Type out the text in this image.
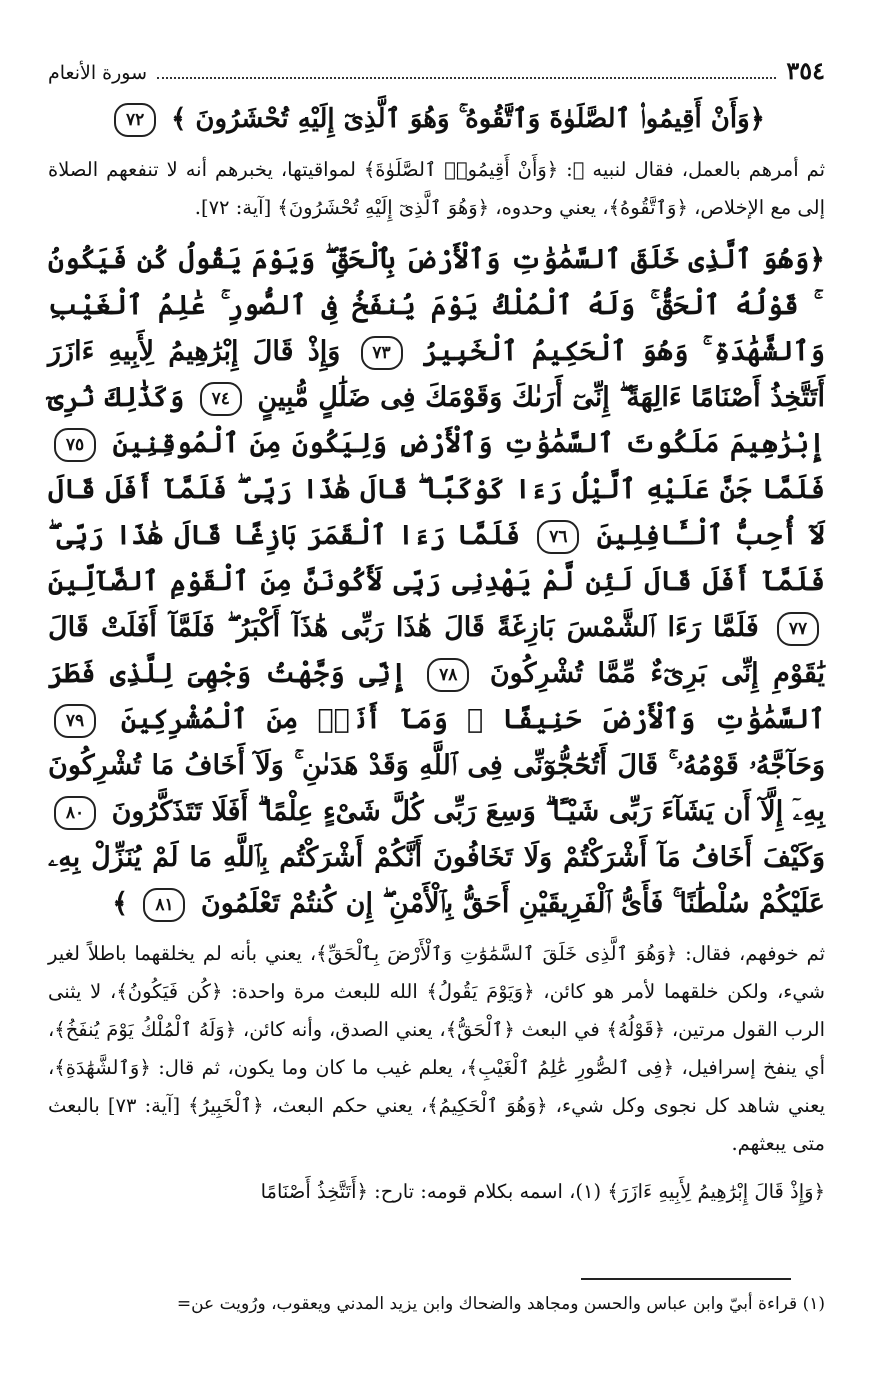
٣٥٤
سورة الأنعام
﴿وَأَنْ أَقِيمُوا۟ ٱلصَّلَوٰةَ وَٱتَّقُوهُ ۚ وَهُوَ ٱلَّذِىٓ إِلَيْهِ تُحْشَرُونَ ﴾ ٧٢
ثم أمرهم بالعمل، فقال لنبيه ﷺ: ﴿وَأَنْ أَقِيمُوا۟ ٱلصَّلَوٰةَ﴾ لمواقيتها، يخبرهم أنه لا تنفعهم الصلاة إلى مع الإخلاص، ﴿وَٱتَّقُوهُ﴾، يعني وحدوه، ﴿وَهُوَ ٱلَّذِىٓ إِلَيْهِ تُحْشَرُونَ﴾ [آية: ٧٢].
﴿وَهُوَ ٱلَّذِى خَلَقَ ٱلسَّمَٰوَٰتِ وَٱلْأَرْضَ بِٱلْحَقِّ ۖ وَيَوْمَ يَقُولُ كُن فَيَكُونُ ۚ قَوْلُهُ ٱلْحَقُّ ۚ وَلَهُ ٱلْمُلْكُ يَوْمَ يُنفَخُ فِى ٱلصُّورِ ۚ عَٰلِمُ ٱلْغَيْبِ وَٱلشَّهَٰدَةِ ۚ وَهُوَ ٱلْحَكِيمُ ٱلْخَبِيرُ ٧٣ وَإِذْ قَالَ إِبْرَٰهِيمُ لِأَبِيهِ ءَازَرَ أَتَتَّخِذُ أَصْنَامًا ءَالِهَةً ۖ إِنِّىٓ أَرَىٰكَ وَقَوْمَكَ فِى ضَلَٰلٍ مُّبِينٍ ٧٤ وَكَذَٰلِكَ نُرِىٓ إِبْرَٰهِيمَ مَلَكُوتَ ٱلسَّمَٰوَٰتِ وَٱلْأَرْضِ وَلِيَكُونَ مِنَ ٱلْمُوقِنِينَ ٧٥ فَلَمَّا جَنَّ عَلَيْهِ ٱلَّيْلُ رَءَا كَوْكَبًا ۖ قَالَ هَٰذَا رَبِّى ۖ فَلَمَّآ أَفَلَ قَالَ لَآ أُحِبُّ ٱلْـَٔافِلِينَ ٧٦ فَلَمَّا رَءَا ٱلْقَمَرَ بَازِغًا قَالَ هَٰذَا رَبِّى ۖ فَلَمَّآ أَفَلَ قَالَ لَئِن لَّمْ يَهْدِنِى رَبِّى لَأَكُونَنَّ مِنَ ٱلْقَوْمِ ٱلضَّآلِّينَ ٧٧ فَلَمَّا رَءَا ٱلشَّمْسَ بَازِغَةً قَالَ هَٰذَا رَبِّى هَٰذَآ أَكْبَرُ ۖ فَلَمَّآ أَفَلَتْ قَالَ يَٰقَوْمِ إِنِّى بَرِىٓءٌ مِّمَّا تُشْرِكُونَ ٧٨ إِنِّى وَجَّهْتُ وَجْهِىَ لِلَّذِى فَطَرَ ٱلسَّمَٰوَٰتِ وَٱلْأَرْضَ حَنِيفًا ۖ وَمَآ أَنَا۠ مِنَ ٱلْمُشْرِكِينَ ٧٩ وَحَآجَّهُۥ قَوْمُهُۥ ۚ قَالَ أَتُحَٰٓجُّوٓنِّى فِى ٱللَّهِ وَقَدْ هَدَىٰنِ ۚ وَلَآ أَخَافُ مَا تُشْرِكُونَ بِهِۦٓ إِلَّآ أَن يَشَآءَ رَبِّى شَيْـًٔا ۗ وَسِعَ رَبِّى كُلَّ شَىْءٍ عِلْمًا ۗ أَفَلَا تَتَذَكَّرُونَ ٨٠ وَكَيْفَ أَخَافُ مَآ أَشْرَكْتُمْ وَلَا تَخَافُونَ أَنَّكُمْ أَشْرَكْتُم بِٱللَّهِ مَا لَمْ يُنَزِّلْ بِهِۦ عَلَيْكُمْ سُلْطَٰنًا ۚ فَأَىُّ ٱلْفَرِيقَيْنِ أَحَقُّ بِٱلْأَمْنِ ۖ إِن كُنتُمْ تَعْلَمُونَ ٨١ ﴾
ثم خوفهم، فقال: ﴿وَهُوَ ٱلَّذِى خَلَقَ ٱلسَّمَٰوَٰتِ وَٱلْأَرْضَ بِٱلْحَقِّ﴾، يعني بأنه لم يخلقهما باطلاً لغير شيء، ولكن خلقهما لأمر هو كائن، ﴿وَيَوْمَ يَقُولُ﴾ الله للبعث مرة واحدة: ﴿كُن فَيَكُونُ﴾، لا يثنى الرب القول مرتين، ﴿قَوْلُهُ﴾ في البعث ﴿ٱلْحَقُّ﴾، يعني الصدق، وأنه كائن، ﴿وَلَهُ ٱلْمُلْكُ يَوْمَ يُنفَخُ﴾، أي ينفخ إسرافيل، ﴿فِى ٱلصُّورِ عَٰلِمُ ٱلْغَيْبِ﴾، يعلم غيب ما كان وما يكون، ثم قال: ﴿وَٱلشَّهَٰدَةِ﴾، يعني شاهد كل نجوى وكل شيء، ﴿وَهُوَ ٱلْحَكِيمُ﴾، يعني حكم البعث، ﴿ٱلْخَبِيرُ﴾ [آية: ٧٣] بالبعث متى يبعثهم.
﴿وَإِذْ قَالَ إِبْرَٰهِيمُ لِأَبِيهِ ءَازَرَ﴾ (١)، اسمه بكلام قومه: تارح: ﴿أَتَتَّخِذُ أَصْنَامًا
(١) قراءة أبيّ وابن عباس والحسن ومجاهد والضحاك وابن يزيد المدني ويعقوب، ورُويت عن=
